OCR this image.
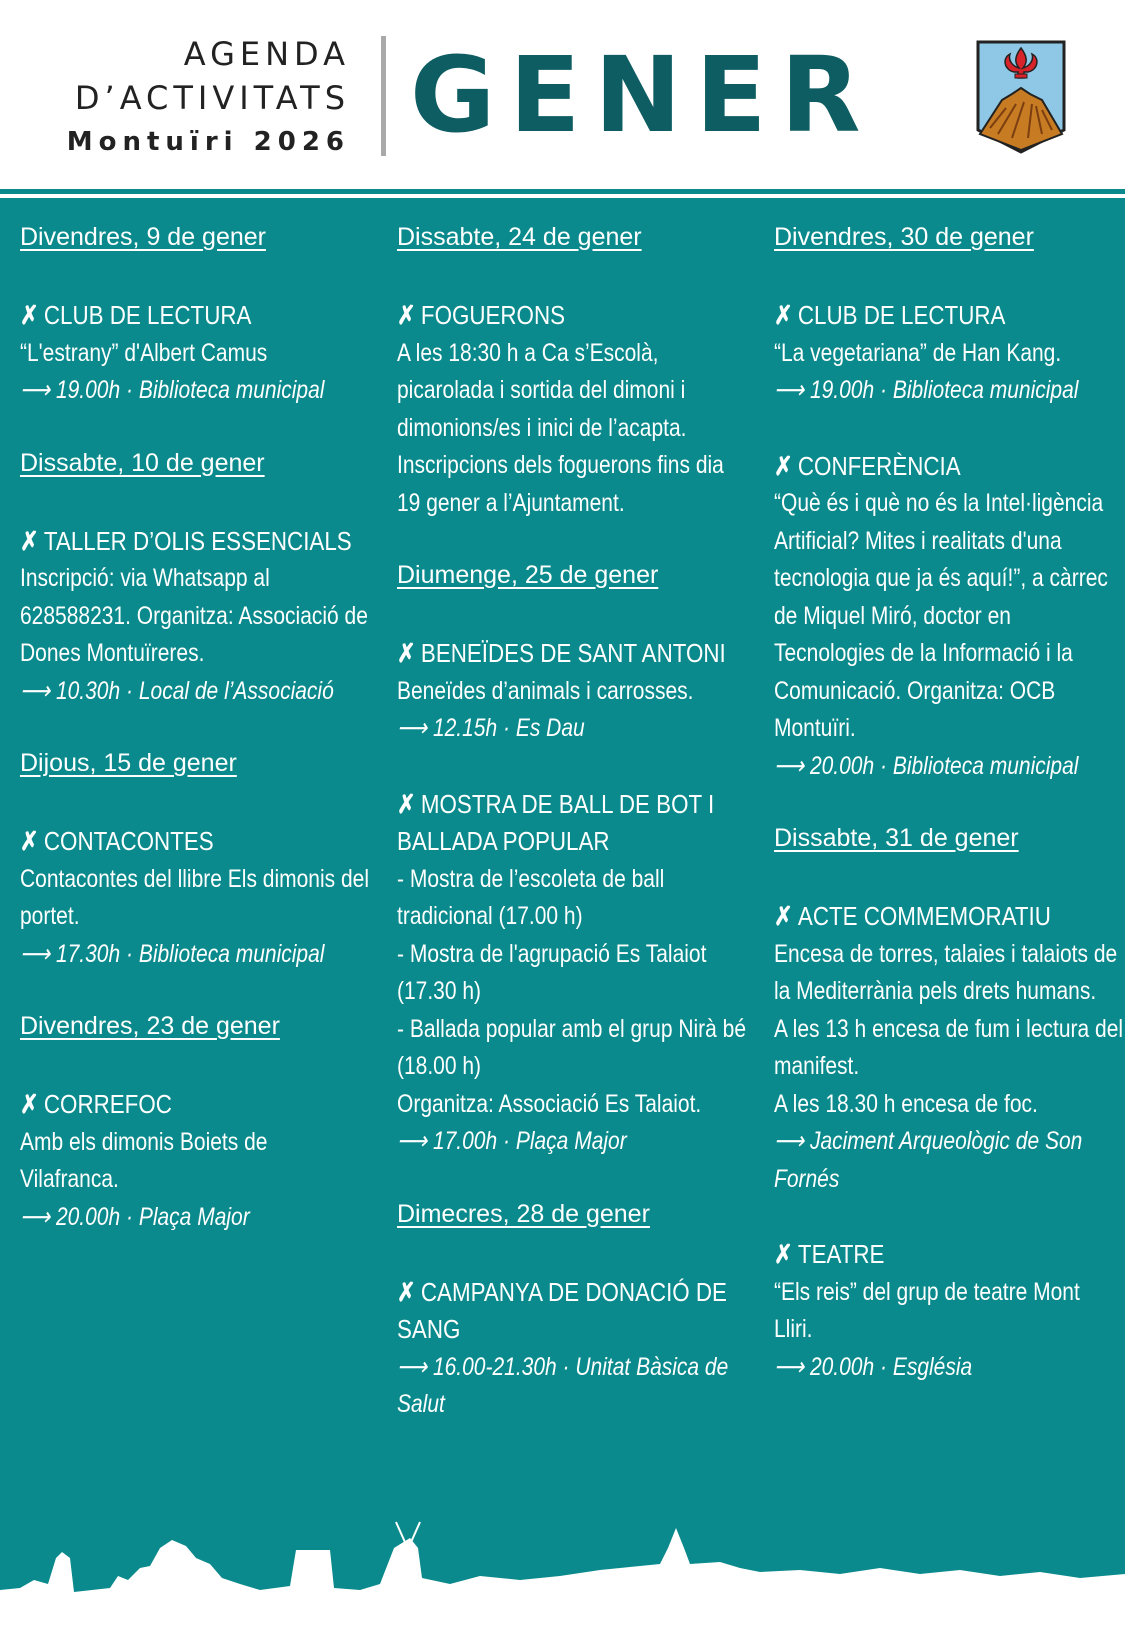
AGENDA
D’ACTIVITATS
Montuïri 2026 GENER
Divendres, 9 de gener
✗ CLUB DE LECTURA
“L'estrany” d'Albert Camus
⟶ 19.00h · Biblioteca municipal
Dissabte, 10 de gener
✗ TALLER D’OLIS ESSENCIALS
Inscripció: via Whatsapp al 628588231. Organitza: Associació de Dones Montuïreres.
⟶ 10.30h · Local de l’Associació
Dijous, 15 de gener
✗ CONTACONTES
Contacontes del llibre Els dimonis del portet.
⟶ 17.30h · Biblioteca municipal
Divendres, 23 de gener
✗ CORREFOC
Amb els dimonis Boiets de Vilafranca.
⟶ 20.00h · Plaça Major
Dissabte, 24 de gener
✗ FOGUERONS
A les 18:30 h a Ca s’Escolà, picarolada i sortida del dimoni i dimonions/es i inici de l’acapta. Inscripcions dels foguerons fins dia 19 gener a l’Ajuntament.
Diumenge, 25 de gener
✗ BENEÏDES DE SANT ANTONI
Beneïdes d’animals i carrosses.
⟶ 12.15h · Es Dau
✗ MOSTRA DE BALL DE BOT I BALLADA POPULAR
- Mostra de l’escoleta de ball tradicional (17.00 h)
- Mostra de l'agrupació Es Talaiot (17.30 h)
- Ballada popular amb el grup Nirà bé (18.00 h)
Organitza: Associació Es Talaiot.
⟶ 17.00h · Plaça Major
Dimecres, 28 de gener
✗ CAMPANYA DE DONACIÓ DE SANG
⟶ 16.00-21.30h · Unitat Bàsica de Salut
Divendres, 30 de gener
✗ CLUB DE LECTURA
“La vegetariana” de Han Kang.
⟶ 19.00h · Biblioteca municipal
✗ CONFERÈNCIA
“Què és i què no és la Intel·ligència Artificial? Mites i realitats d'una tecnologia que ja és aquí!”, a càrrec de Miquel Miró, doctor en Tecnologies de la Informació i la Comunicació. Organitza: OCB Montuïri.
⟶ 20.00h · Biblioteca municipal
Dissabte, 31 de gener
✗ ACTE COMMEMORATIU
Encesa de torres, talaies i talaiots de la Mediterrània pels drets humans.
A les 13 h encesa de fum i lectura del manifest.
A les 18.30 h encesa de foc.
⟶ Jaciment Arqueològic de Son Fornés
✗ TEATRE
“Els reis” del grup de teatre Mont Lliri.
⟶ 20.00h · Església
